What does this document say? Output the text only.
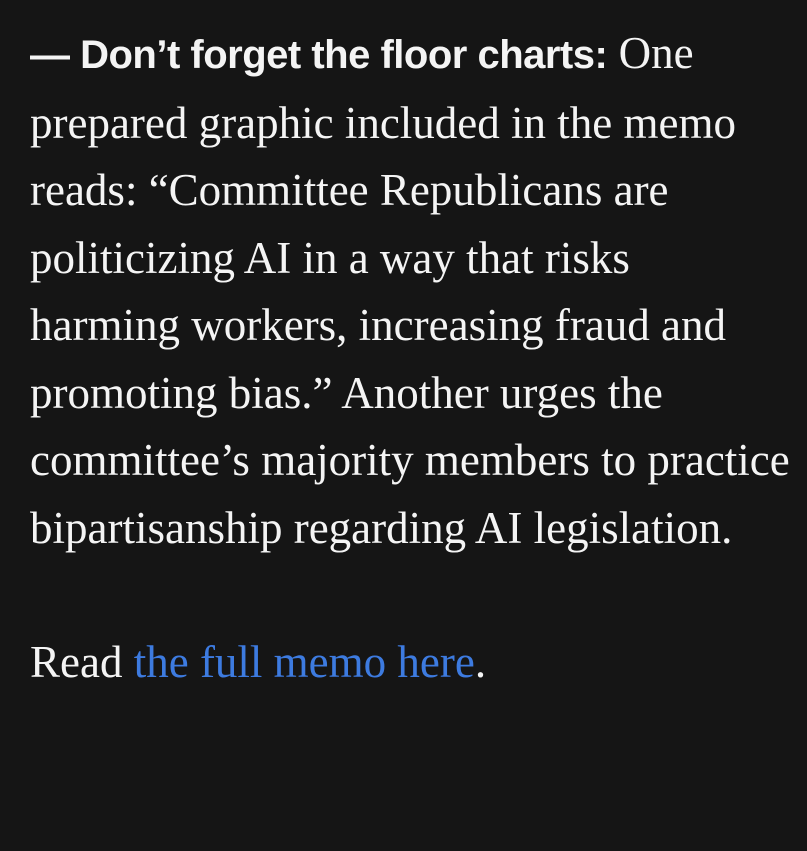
— Don’t forget the floor charts: One prepared graphic included in the memo reads: “Committee Republicans are politicizing AI in a way that risks harming workers, increasing fraud and promoting bias.” Another urges the committee’s majority members to practice bipartisanship regarding AI legislation.

Read the full memo here.
